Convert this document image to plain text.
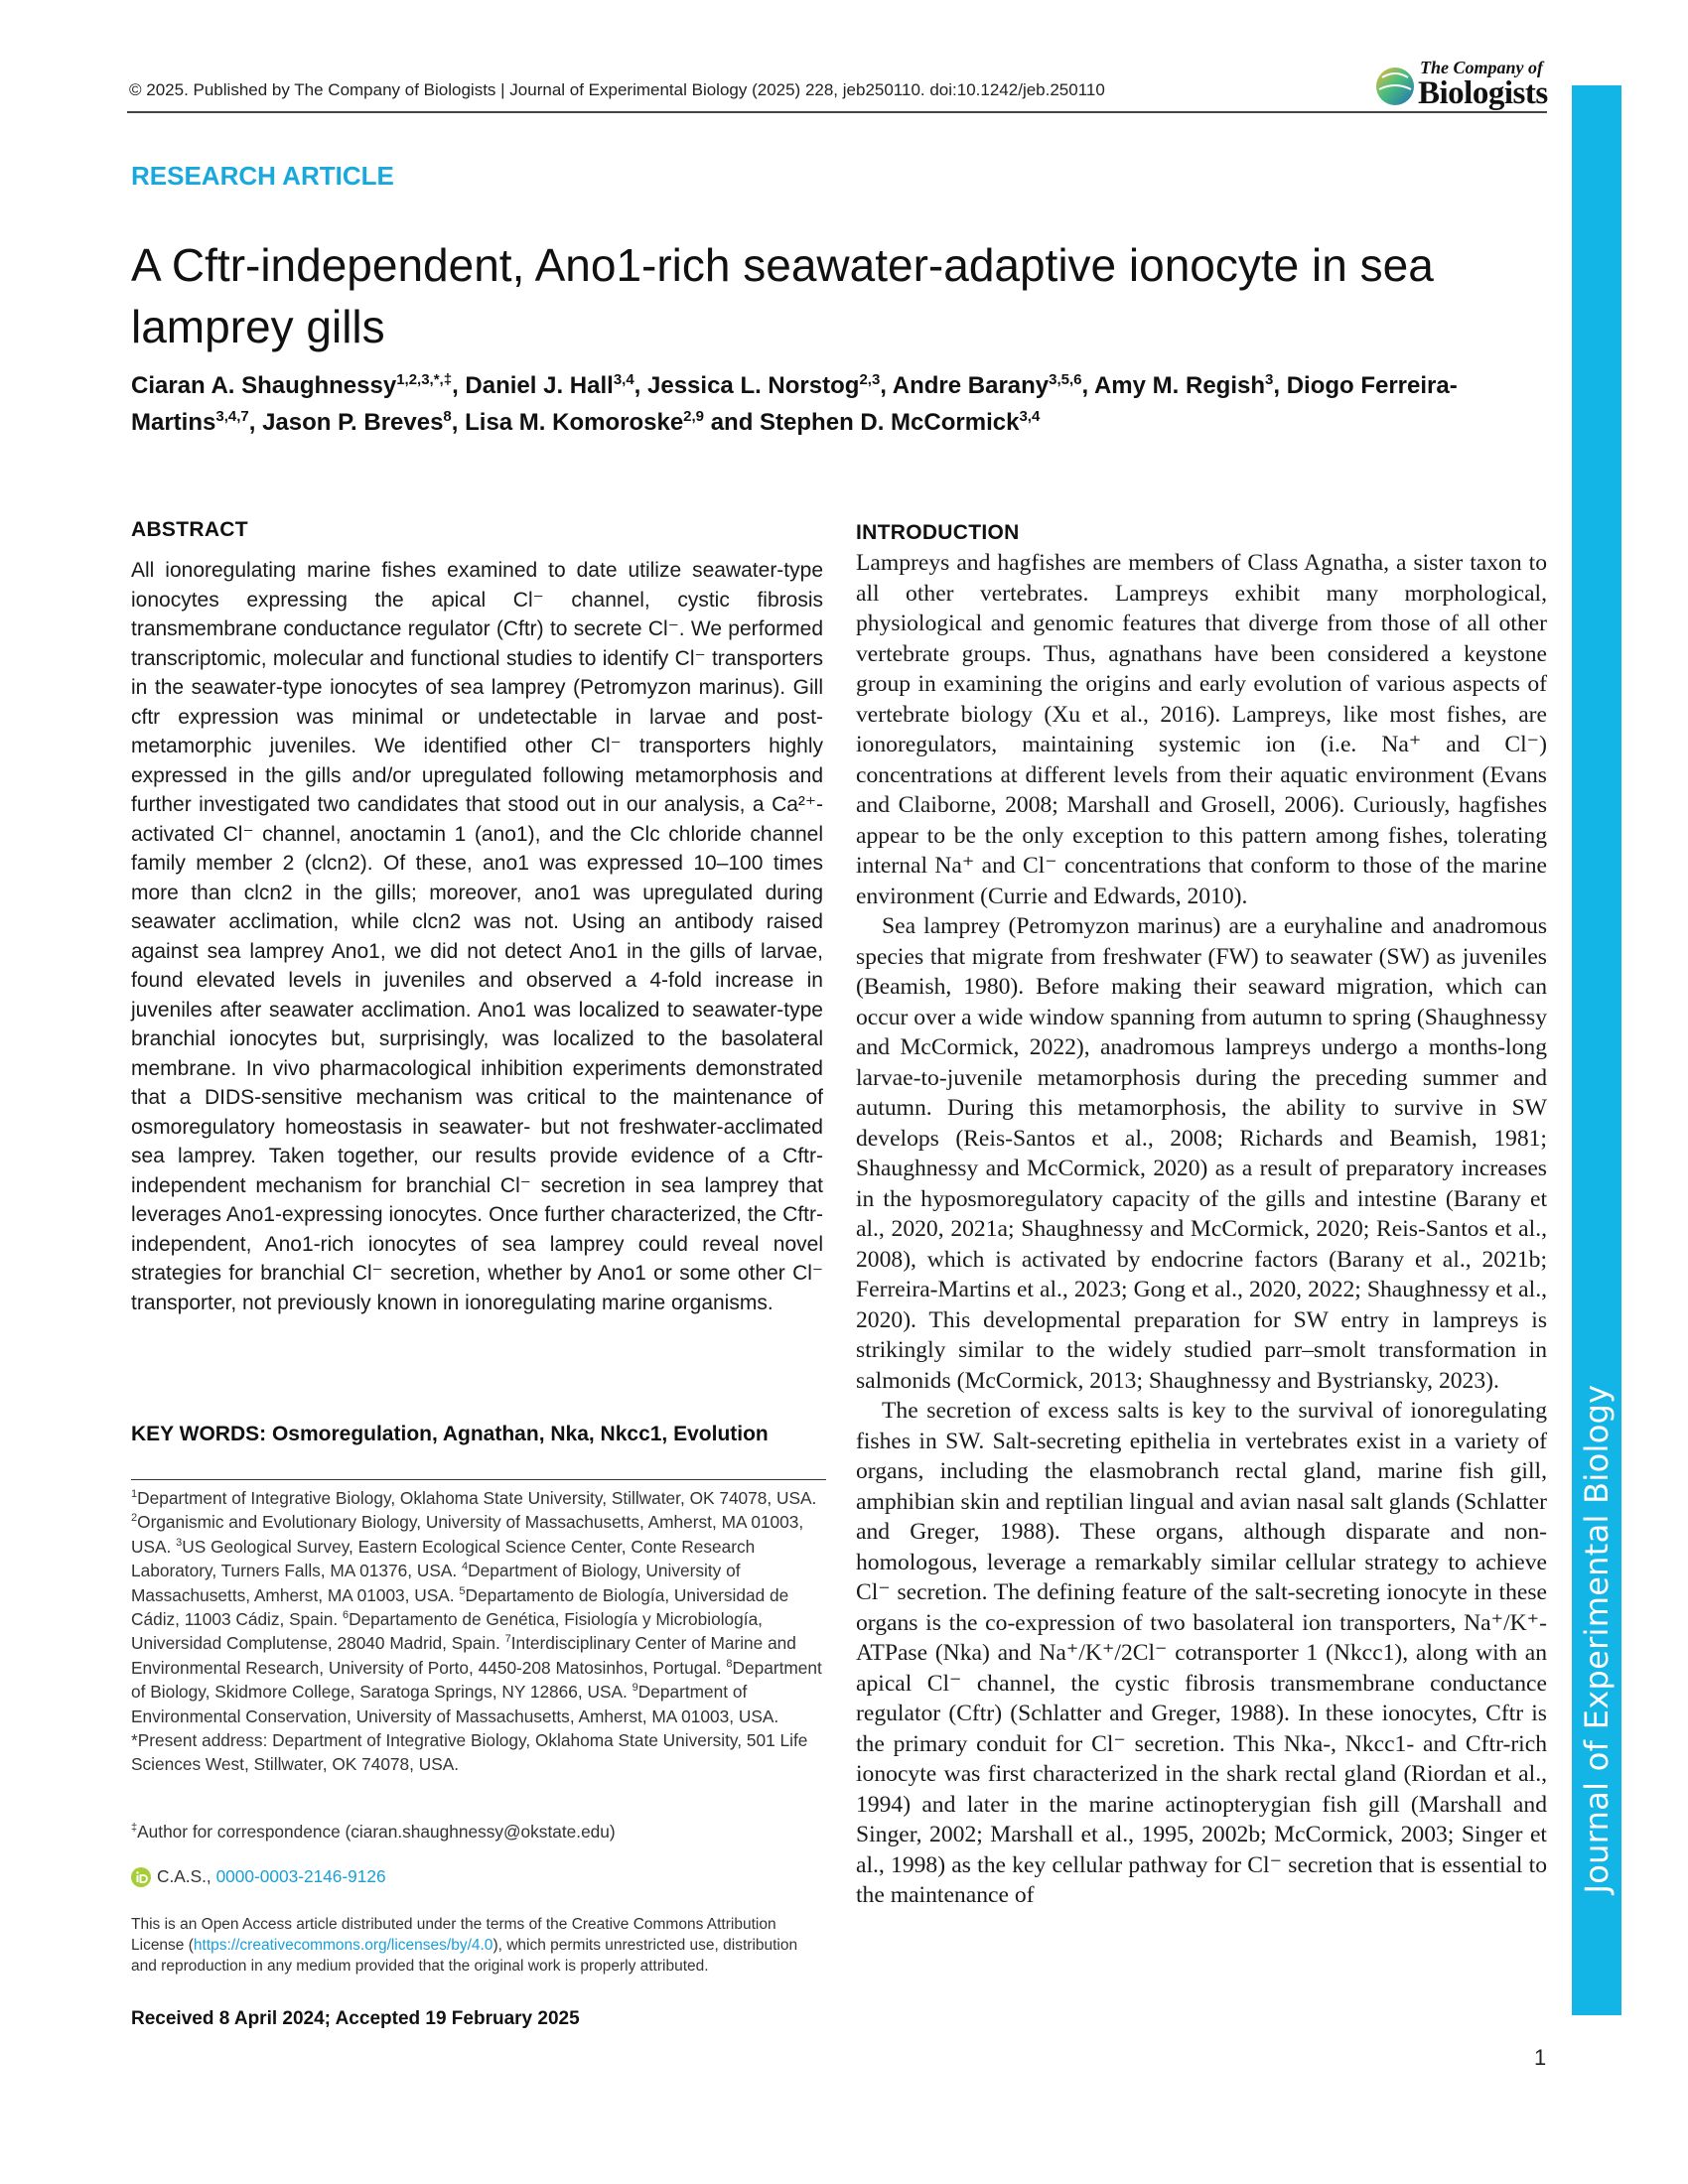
© 2025. Published by The Company of Biologists | Journal of Experimental Biology (2025) 228, jeb250110. doi:10.1242/jeb.250110
The Company of
Biologists
Journal of Experimental Biology
RESEARCH ARTICLE
A Cftr-independent, Ano1-rich seawater-adaptive ionocyte in sea lamprey gills
Ciaran A. Shaughnessy$^{1,2,3,*,\ddagger}$, Daniel J. Hall$^{3,4}$, Jessica L. Norstog$^{2,3}$, Andre Barany$^{3,5,6}$, Amy M. Regish$^3$, Diogo Ferreira-Martins$^{3,4,7}$, Jason P. Breves$^8$, Lisa M. Komoroske$^{2,9}$ and Stephen D. McCormick$^{3,4}$
ABSTRACT

All ionoregulating marine fishes examined to date utilize seawater-type ionocytes expressing the apical Cl⁻ channel, cystic fibrosis transmembrane conductance regulator (Cftr) to secrete Cl⁻. We performed transcriptomic, molecular and functional studies to identify Cl⁻ transporters in the seawater-type ionocytes of sea lamprey (Petromyzon marinus). Gill cftr expression was minimal or undetectable in larvae and post-metamorphic juveniles. We identified other Cl⁻ transporters highly expressed in the gills and/or upregulated following metamorphosis and further investigated two candidates that stood out in our analysis, a Ca²⁺-activated Cl⁻ channel, anoctamin 1 (ano1), and the Clc chloride channel family member 2 (clcn2). Of these, ano1 was expressed 10–100 times more than clcn2 in the gills; moreover, ano1 was upregulated during seawater acclimation, while clcn2 was not. Using an antibody raised against sea lamprey Ano1, we did not detect Ano1 in the gills of larvae, found elevated levels in juveniles and observed a 4-fold increase in juveniles after seawater acclimation. Ano1 was localized to seawater-type branchial ionocytes but, surprisingly, was localized to the basolateral membrane. In vivo pharmacological inhibition experiments demonstrated that a DIDS-sensitive mechanism was critical to the maintenance of osmoregulatory homeostasis in seawater- but not freshwater-acclimated sea lamprey. Taken together, our results provide evidence of a Cftr-independent mechanism for branchial Cl⁻ secretion in sea lamprey that leverages Ano1-expressing ionocytes. Once further characterized, the Cftr-independent, Ano1-rich ionocytes of sea lamprey could reveal novel strategies for branchial Cl⁻ secretion, whether by Ano1 or some other Cl⁻ transporter, not previously known in ionoregulating marine organisms.

KEY WORDS: Osmoregulation, Agnathan, Nka, Nkcc1, Evolution

$^1$Department of Integrative Biology, Oklahoma State University, Stillwater, OK 74078, USA. $^2$Organismic and Evolutionary Biology, University of Massachusetts, Amherst, MA 01003, USA. $^3$US Geological Survey, Eastern Ecological Science Center, Conte Research Laboratory, Turners Falls, MA 01376, USA. $^4$Department of Biology, University of Massachusetts, Amherst, MA 01003, USA. $^5$Departamento de Biología, Universidad de Cádiz, 11003 Cádiz, Spain. $^6$Departamento de Genética, Fisiología y Microbiología, Universidad Complutense, 28040 Madrid, Spain. $^7$Interdisciplinary Center of Marine and Environmental Research, University of Porto, 4450-208 Matosinhos, Portugal. $^8$Department of Biology, Skidmore College, Saratoga Springs, NY 12866, USA. $^9$Department of Environmental Conservation, University of Massachusetts, Amherst, MA 01003, USA.
*Present address: Department of Integrative Biology, Oklahoma State University, 501 Life Sciences West, Stillwater, OK 74078, USA.

‡Author for correspondence (ciaran.shaughnessy@okstate.edu)
C.A.S., 0000-0003-2146-9126

This is an Open Access article distributed under the terms of the Creative Commons Attribution License (https://creativecommons.org/licenses/by/4.0), which permits unrestricted use, distribution and reproduction in any medium provided that the original work is properly attributed.

Received 8 April 2024; Accepted 19 February 2025
INTRODUCTION

Lampreys and hagfishes are members of Class Agnatha, a sister taxon to all other vertebrates. Lampreys exhibit many morphological, physiological and genomic features that diverge from those of all other vertebrate groups. Thus, agnathans have been considered a keystone group in examining the origins and early evolution of various aspects of vertebrate biology (Xu et al., 2016). Lampreys, like most fishes, are ionoregulators, maintaining systemic ion (i.e. Na⁺ and Cl⁻) concentrations at different levels from their aquatic environment (Evans and Claiborne, 2008; Marshall and Grosell, 2006). Curiously, hagfishes appear to be the only exception to this pattern among fishes, tolerating internal Na⁺ and Cl⁻ concentrations that conform to those of the marine environment (Currie and Edwards, 2010).

Sea lamprey (Petromyzon marinus) are a euryhaline and anadromous species that migrate from freshwater (FW) to seawater (SW) as juveniles (Beamish, 1980). Before making their seaward migration, which can occur over a wide window spanning from autumn to spring (Shaughnessy and McCormick, 2022), anadromous lampreys undergo a months-long larvae-to-juvenile metamorphosis during the preceding summer and autumn. During this metamorphosis, the ability to survive in SW develops (Reis-Santos et al., 2008; Richards and Beamish, 1981; Shaughnessy and McCormick, 2020) as a result of preparatory increases in the hyposmoregulatory capacity of the gills and intestine (Barany et al., 2020, 2021a; Shaughnessy and McCormick, 2020; Reis-Santos et al., 2008), which is activated by endocrine factors (Barany et al., 2021b; Ferreira-Martins et al., 2023; Gong et al., 2020, 2022; Shaughnessy et al., 2020). This developmental preparation for SW entry in lampreys is strikingly similar to the widely studied parr–smolt transformation in salmonids (McCormick, 2013; Shaughnessy and Bystriansky, 2023).

The secretion of excess salts is key to the survival of ionoregulating fishes in SW. Salt-secreting epithelia in vertebrates exist in a variety of organs, including the elasmobranch rectal gland, marine fish gill, amphibian skin and reptilian lingual and avian nasal salt glands (Schlatter and Greger, 1988). These organs, although disparate and non-homologous, leverage a remarkably similar cellular strategy to achieve Cl⁻ secretion. The defining feature of the salt-secreting ionocyte in these organs is the co-expression of two basolateral ion transporters, Na⁺/K⁺-ATPase (Nka) and Na⁺/K⁺/2Cl⁻ cotransporter 1 (Nkcc1), along with an apical Cl⁻ channel, the cystic fibrosis transmembrane conductance regulator (Cftr) (Schlatter and Greger, 1988). In these ionocytes, Cftr is the primary conduit for Cl⁻ secretion. This Nka-, Nkcc1- and Cftr-rich ionocyte was first characterized in the shark rectal gland (Riordan et al., 1994) and later in the marine actinopterygian fish gill (Marshall and Singer, 2002; Marshall et al., 1995, 2002b; McCormick, 2003; Singer et al., 1998) as the key cellular pathway for Cl⁻ secretion that is essential to the maintenance of

1
